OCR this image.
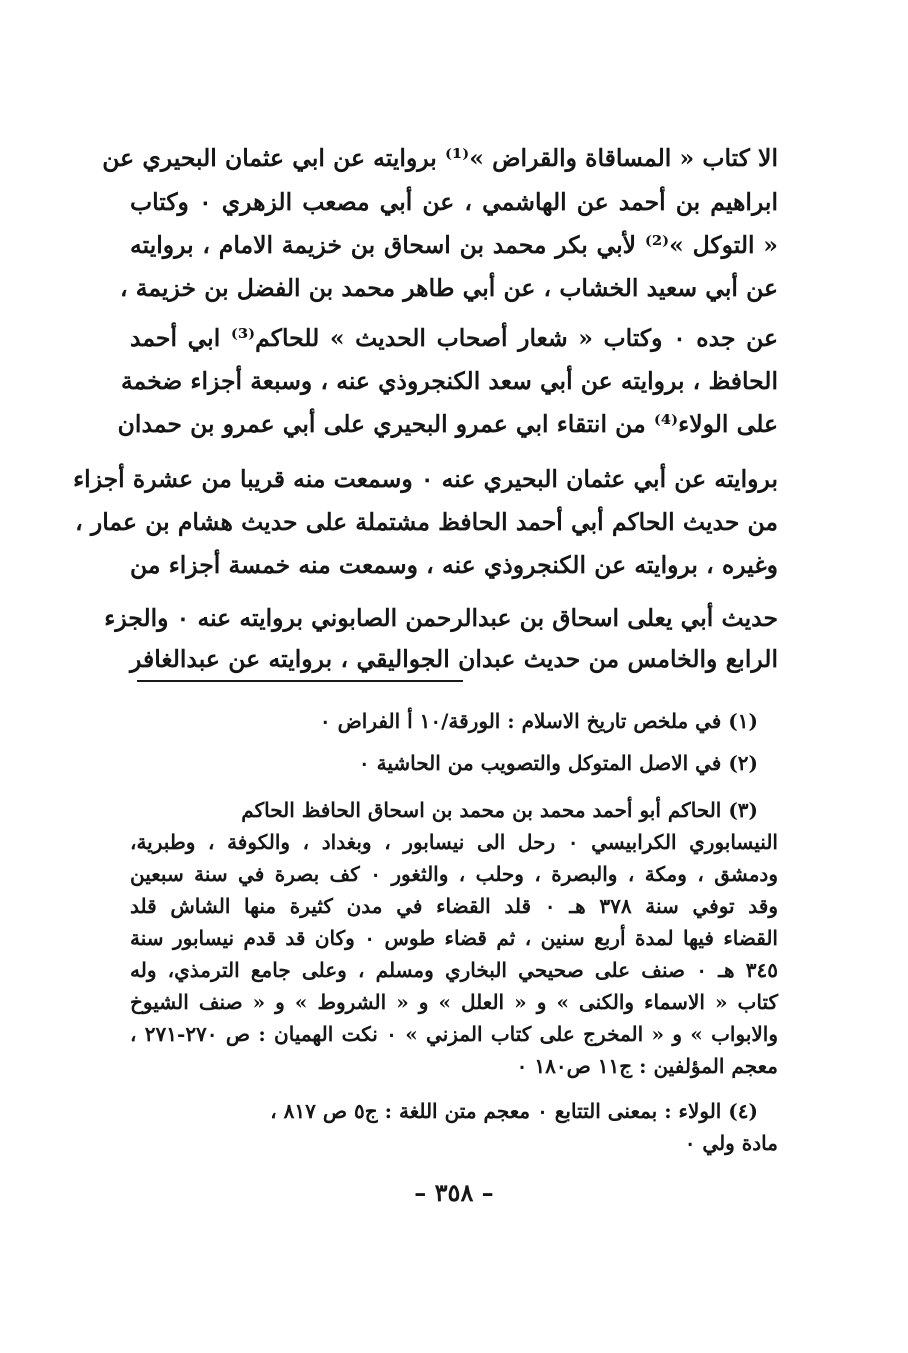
الا كتاب « المساقاة والقراض »⁽¹⁾ بروايته عن ابي عثمان البحيري عن
ابراهيم بن أحمد عن الهاشمي ، عن أبي مصعب الزهري ٠ وكتاب
« التوكل »⁽²⁾ لأبي بكر محمد بن اسحاق بن خزيمة الامام ، بروايته
عن أبي سعيد الخشاب ، عن أبي طاهر محمد بن الفضل بن خزيمة ،
عن جده ٠ وكتاب « شعار أصحاب الحديث » للحاكم⁽³⁾ ابي أحمد
الحافظ ، بروايته عن أبي سعد الكنجروذي عنه ، وسبعة أجزاء ضخمة
على الولاء⁽⁴⁾ من انتقاء ابي عمرو البحيري على أبي عمرو بن حمدان
بروايته عن أبي عثمان البحيري عنه ٠ وسمعت منه قريبا من عشرة أجزاء
من حديث الحاكم أبي أحمد الحافظ مشتملة على حديث هشام بن عمار ،
وغيره ، بروايته عن الكنجروذي عنه ، وسمعت منه خمسة أجزاء من
حديث أبي يعلى اسحاق بن عبدالرحمن الصابوني بروايته عنه ٠ والجزء
الرابع والخامس من حديث عبدان الجواليقي ، بروايته عن عبدالغافر
(١) في ملخص تاريخ الاسلام : الورقة/١٠ أ الفراض ٠
(٢) في الاصل المتوكل والتصويب من الحاشية ٠
(٣) الحاكم أبو أحمد محمد بن محمد بن اسحاق الحافظ الحاكم
النيسابوري الكرابيسي ٠ رحل الى نيسابور ، وبغداد ، والكوفة ، وطبرية،
ودمشق ، ومكة ، والبصرة ، وحلب ، والثغور ٠ كف بصرة في سنة سبعين
وقد توفي سنة ٣٧٨ هـ ٠ قلد القضاء في مدن كثيرة منها الشاش قلد
القضاء فيها لمدة أربع سنين ، ثم قضاء طوس ٠ وكان قد قدم نيسابور سنة
٣٤٥ هـ ٠ صنف على صحيحي البخاري ومسلم ، وعلى جامع الترمذي، وله
كتاب « الاسماء والكنى » و « العلل » و « الشروط » و « صنف الشيوخ
والابواب » و « المخرج على كتاب المزني » ٠ نكت الهميان : ص ٢٧٠-٢٧١ ،
معجم المؤلفين : ج١١ ص١٨٠ ٠
(٤) الولاء : بمعنى التتابع ٠ معجم متن اللغة : ج٥ ص ٨١٧ ،
مادة ولي ٠
– ٣٥٨ –
